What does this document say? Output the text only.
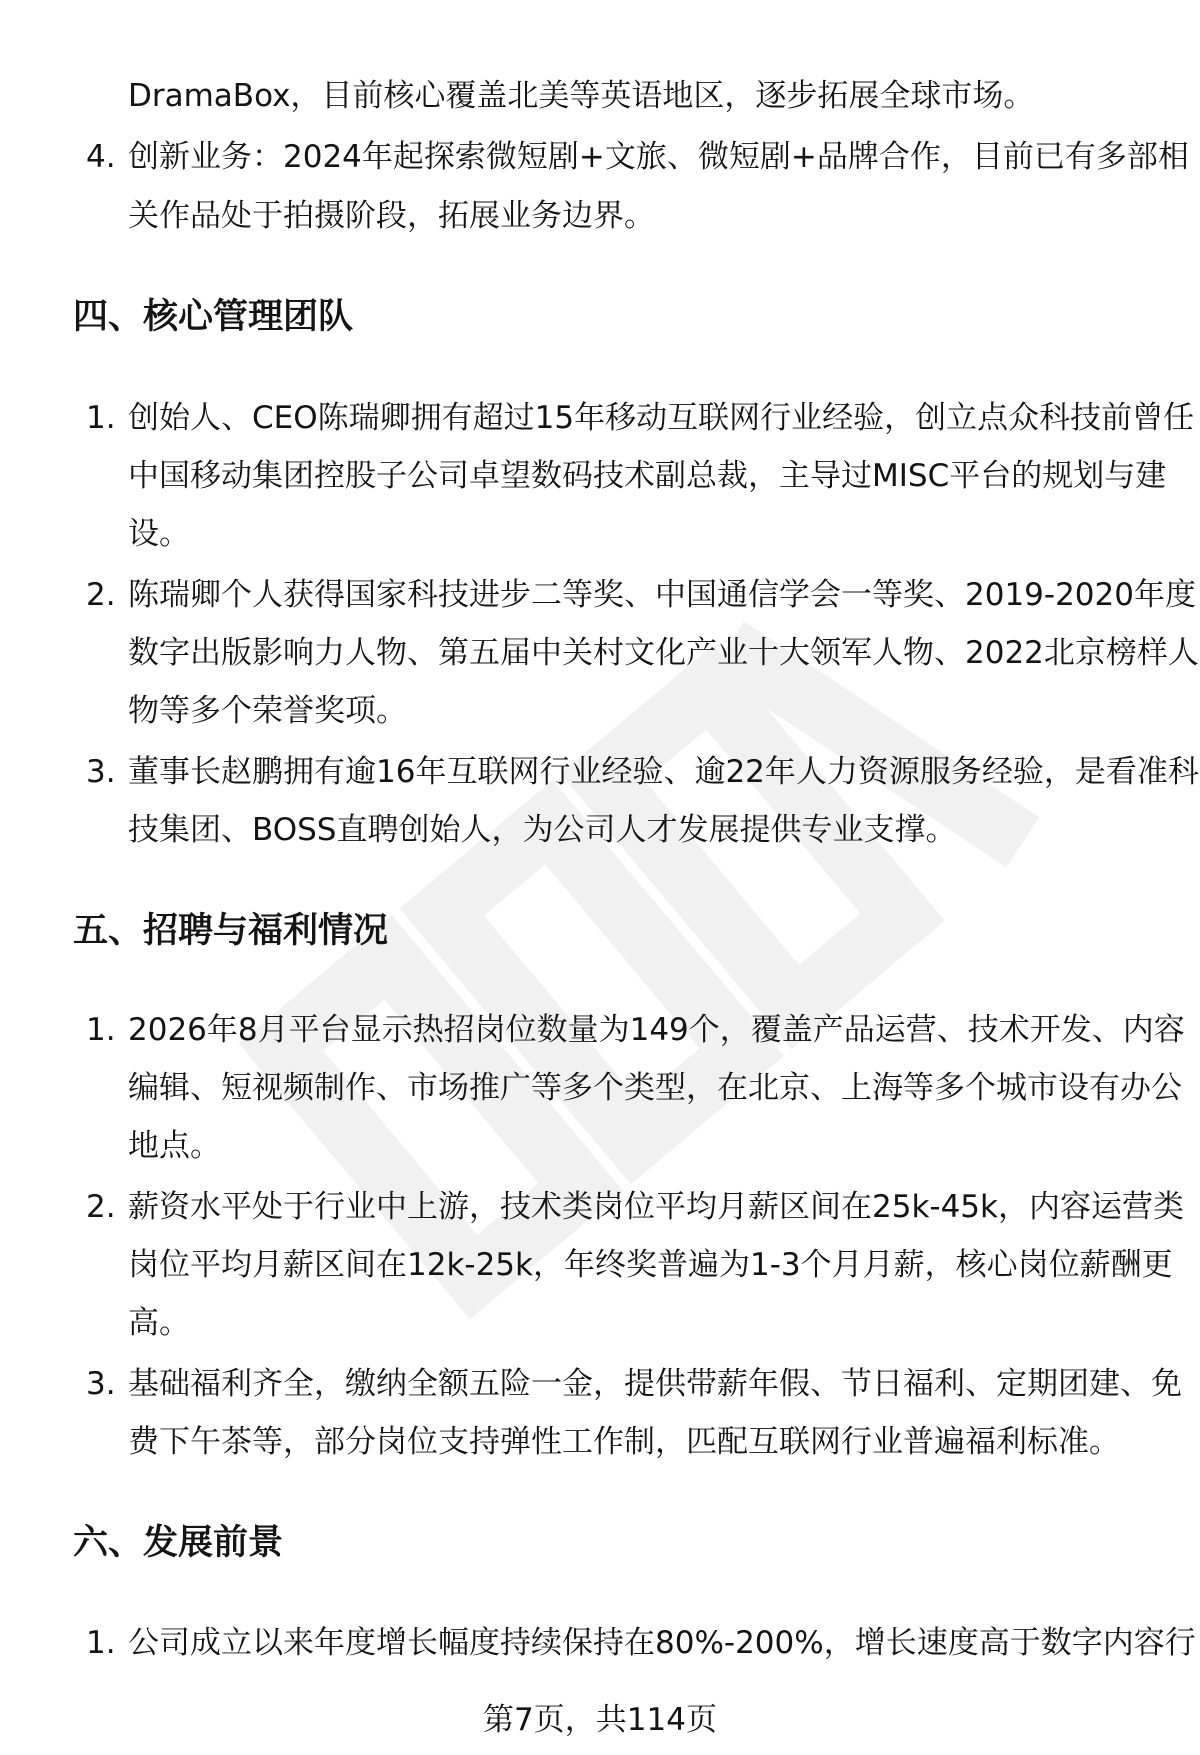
DramaBox，目前核心覆盖北美等英语地区，逐步拓展全球市场。
4. 创新业务：2024年起探索微短剧+文旅、微短剧+品牌合作，目前已有多部相
关作品处于拍摄阶段，拓展业务边界。
四、核心管理团队
1. 创始人、CEO陈瑞卿拥有超过15年移动互联网行业经验，创立点众科技前曾任
中国移动集团控股子公司卓望数码技术副总裁，主导过MISC平台的规划与建
设。
2. 陈瑞卿个人获得国家科技进步二等奖、中国通信学会一等奖、2019-2020年度
数字出版影响力人物、第五届中关村文化产业十大领军人物、2022北京榜样人
物等多个荣誉奖项。
3. 董事长赵鹏拥有逾16年互联网行业经验、逾22年人力资源服务经验，是看准科
技集团、BOSS直聘创始人，为公司人才发展提供专业支撑。
五、招聘与福利情况
1. 2026年8月平台显示热招岗位数量为149个，覆盖产品运营、技术开发、内容
编辑、短视频制作、市场推广等多个类型，在北京、上海等多个城市设有办公
地点。
2. 薪资水平处于行业中上游，技术类岗位平均月薪区间在25k-45k，内容运营类
岗位平均月薪区间在12k-25k，年终奖普遍为1-3个月月薪，核心岗位薪酬更
高。
3. 基础福利齐全，缴纳全额五险一金，提供带薪年假、节日福利、定期团建、免
费下午茶等，部分岗位支持弹性工作制，匹配互联网行业普遍福利标准。
六、发展前景
1. 公司成立以来年度增长幅度持续保持在80%-200%，增长速度高于数字内容行
第7页，共114页
